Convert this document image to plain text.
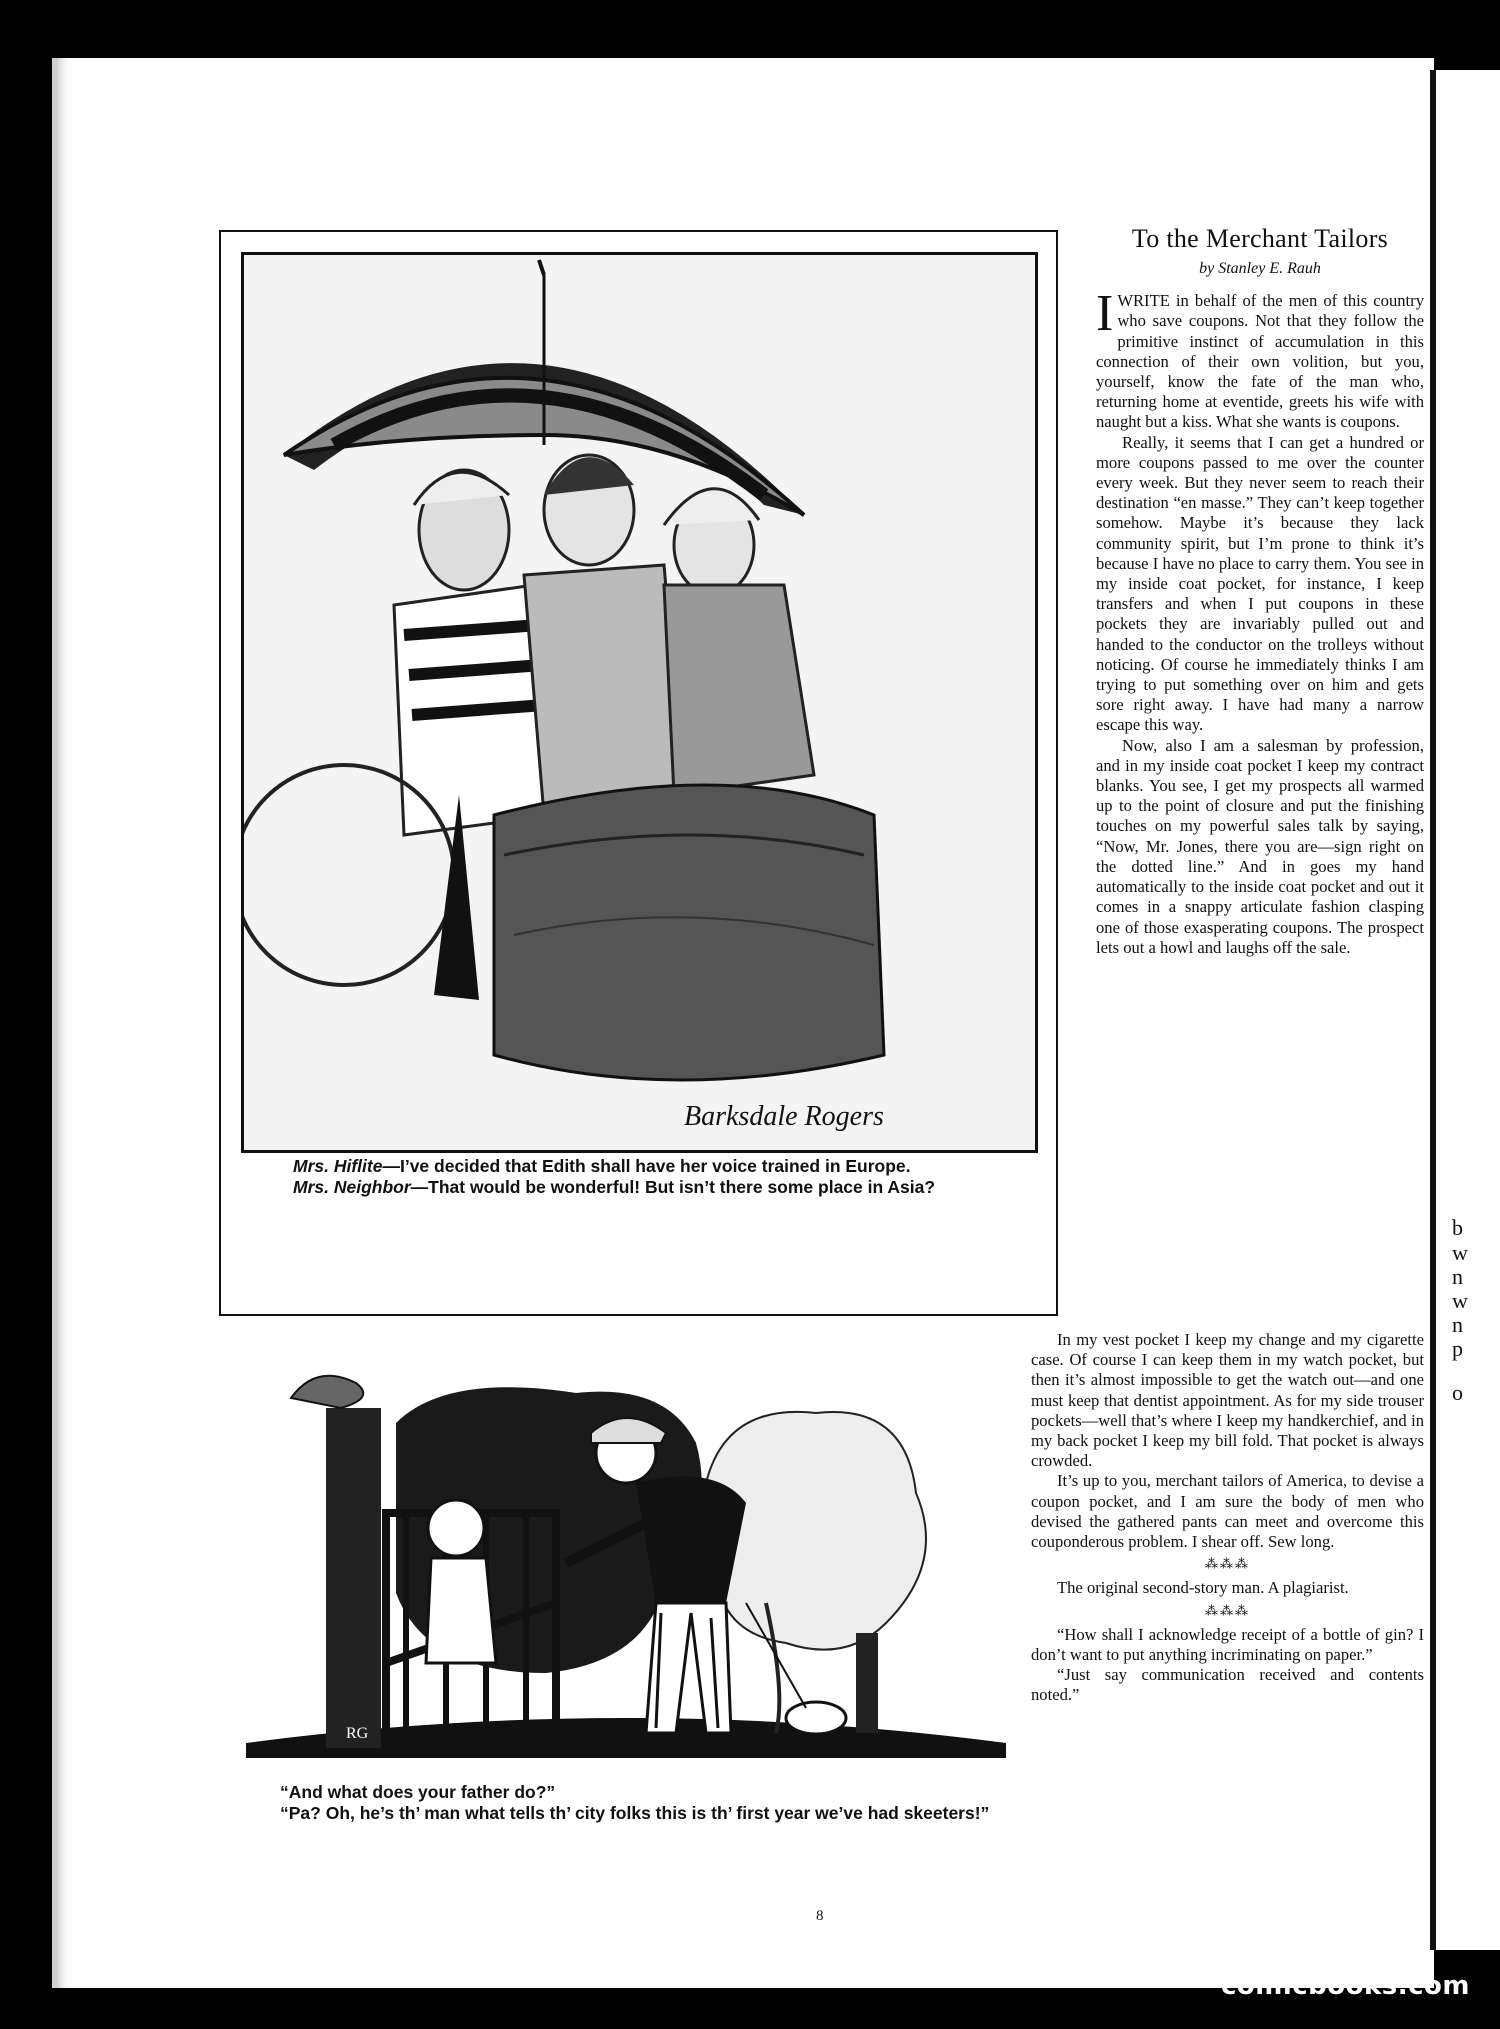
Barksdale Rogers

Mrs. Hiflite—I’ve decided that Edith shall have her voice trained in Europe.

Mrs. Neighbor—That would be wonderful! But isn’t there some place in Asia?

To the Merchant Tailors
by Stanley E. Rauh

IWRITE in behalf of the men of this country who save coupons. Not that they follow the primitive instinct of accumulation in this connection of their own volition, but you, yourself, know the fate of the man who, returning home at eventide, greets his wife with naught but a kiss. What she wants is coupons.

Really, it seems that I can get a hundred or more coupons passed to me over the counter every week. But they never seem to reach their destination “en masse.” They can’t keep together somehow. Maybe it’s because they lack community spirit, but I’m prone to think it’s because I have no place to carry them. You see in my inside coat pocket, for instance, I keep transfers and when I put coupons in these pockets they are invariably pulled out and handed to the conductor on the trolleys without noticing. Of course he immediately thinks I am trying to put something over on him and gets sore right away. I have had many a narrow escape this way.

Now, also I am a salesman by profession, and in my inside coat pocket I keep my contract blanks. You see, I get my prospects all warmed up to the point of closure and put the finishing touches on my powerful sales talk by saying, “Now, Mr. Jones, there you are—sign right on the dotted line.” And in goes my hand automatically to the inside coat pocket and out it comes in a snappy articulate fashion clasping one of those exasperating coupons. The prospect lets out a howl and laughs off the sale.

In my vest pocket I keep my change and my cigarette case. Of course I can keep them in my watch pocket, but then it’s almost impossible to get the watch out—and one must keep that dentist appointment. As for my side trouser pockets—well that’s where I keep my handkerchief, and in my back pocket I keep my bill fold. That pocket is always crowded.

It’s up to you, merchant tailors of America, to devise a coupon pocket, and I am sure the body of men who devised the gathered pants can meet and overcome this couponderous problem. I shear off. Sew long.

⁂⁂⁂

The original second-story man. A plagiarist.

⁂⁂⁂

“How shall I acknowledge receipt of a bottle of gin? I don’t want to put anything incriminating on paper.”

“Just say communication received and contents noted.”

RG

“And what does your father do?”

“Pa? Oh, he’s th’ man what tells th’ city folks this is th’ first year we’ve had skeeters!”

8
b
w
n
w
n
p
o
comicbooks.com
